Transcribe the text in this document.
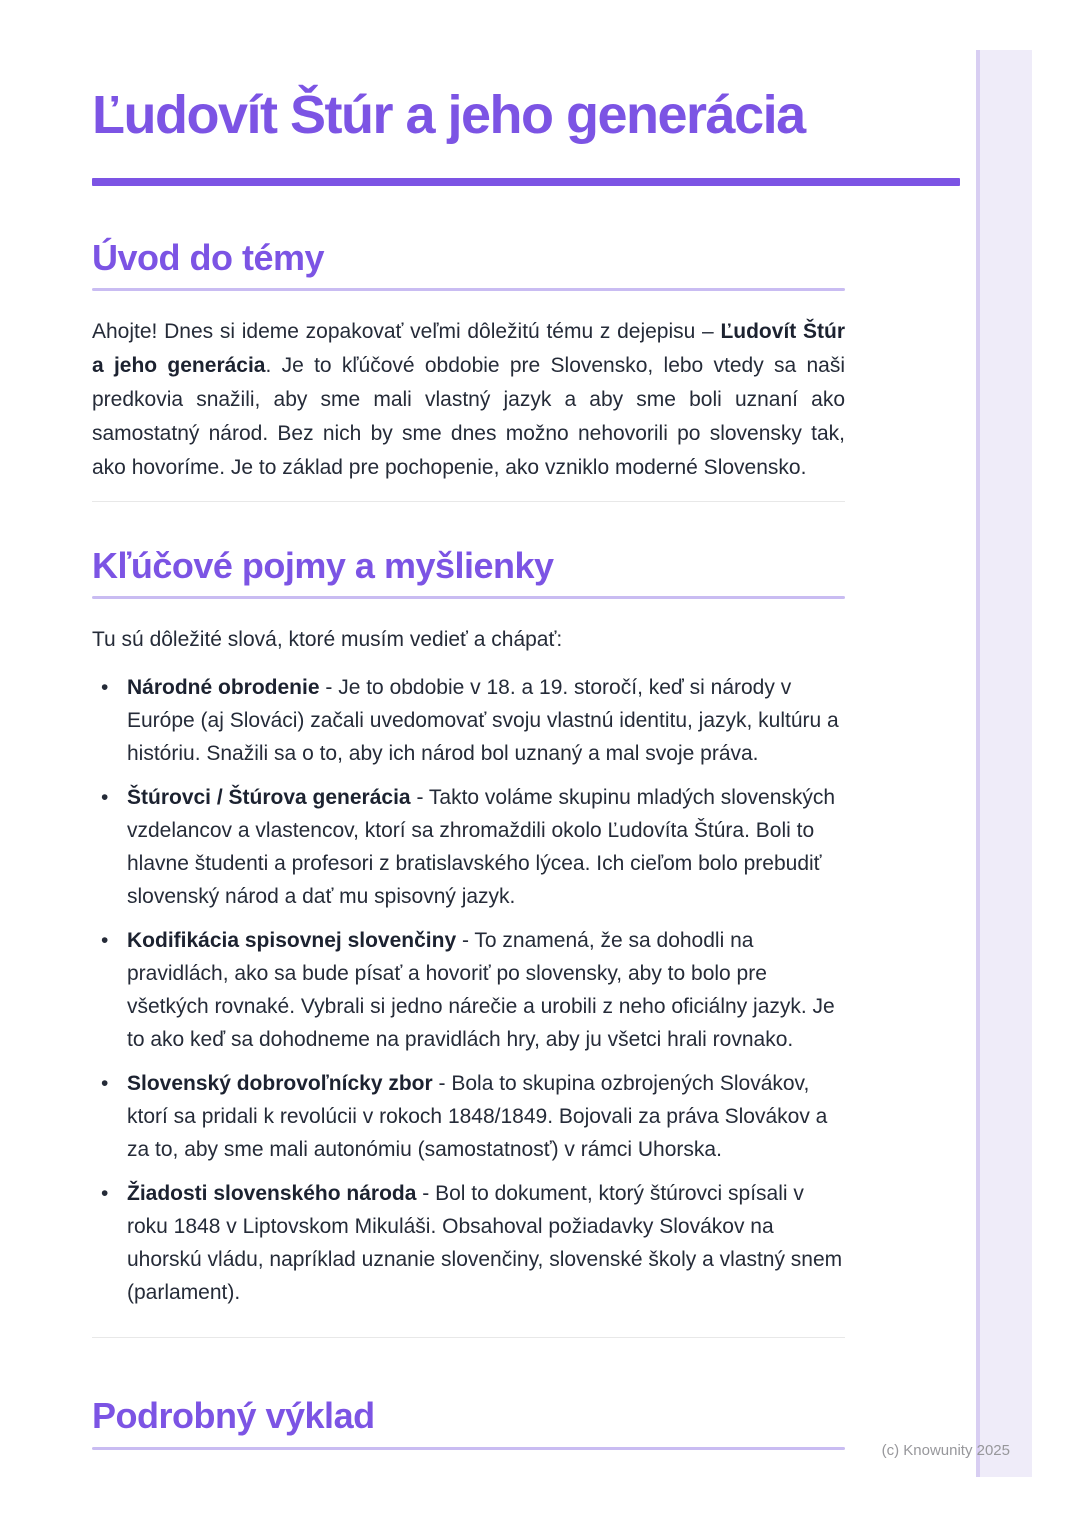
Ľudovít Štúr a jeho generácia
Úvod do témy

Ahojte! Dnes si ideme zopakovať veľmi dôležitú tému z dejepisu – Ľudovít Štúr a jeho generácia. Je to kľúčové obdobie pre Slovensko, lebo vtedy sa naši predkovia snažili, aby sme mali vlastný jazyk a aby sme boli uznaní ako samostatný národ. Bez nich by sme dnes možno nehovorili po slovensky tak, ako hovoríme. Je to základ pre pochopenie, ako vzniklo moderné Slovensko.

Kľúčové pojmy a myšlienky

Tu sú dôležité slová, ktoré musím vedieť a chápať:

•
Národné obrodenie - Je to obdobie v 18. a 19. storočí, keď si národy v Európe (aj Slováci) začali uvedomovať svoju vlastnú identitu, jazyk, kultúru a históriu. Snažili sa o to, aby ich národ bol uznaný a mal svoje práva.
•
Štúrovci / Štúrova generácia - Takto voláme skupinu mladých slovenských vzdelancov a vlastencov, ktorí sa zhromaždili okolo Ľudovíta Štúra. Boli to hlavne študenti a profesori z bratislavského lýcea. Ich cieľom bolo prebudiť slovenský národ a dať mu spisovný jazyk.
•
Kodifikácia spisovnej slovenčiny - To znamená, že sa dohodli na pravidlách, ako sa bude písať a hovoriť po slovensky, aby to bolo pre všetkých rovnaké. Vybrali si jedno nárečie a urobili z neho oficiálny jazyk. Je to ako keď sa dohodneme na pravidlách hry, aby ju všetci hrali rovnako.
•
Slovenský dobrovoľnícky zbor - Bola to skupina ozbrojených Slovákov, ktorí sa pridali k revolúcii v rokoch 1848/1849. Bojovali za práva Slovákov a za to, aby sme mali autonómiu (samostatnosť) v rámci Uhorska.
•
Žiadosti slovenského národa - Bol to dokument, ktorý štúrovci spísali v roku 1848 v Liptovskom Mikuláši. Obsahoval požiadavky Slovákov na uhorskú vládu, napríklad uznanie slovenčiny, slovenské školy a vlastný snem (parlament).
Podrobný výklad
(c) Knowunity 2025
